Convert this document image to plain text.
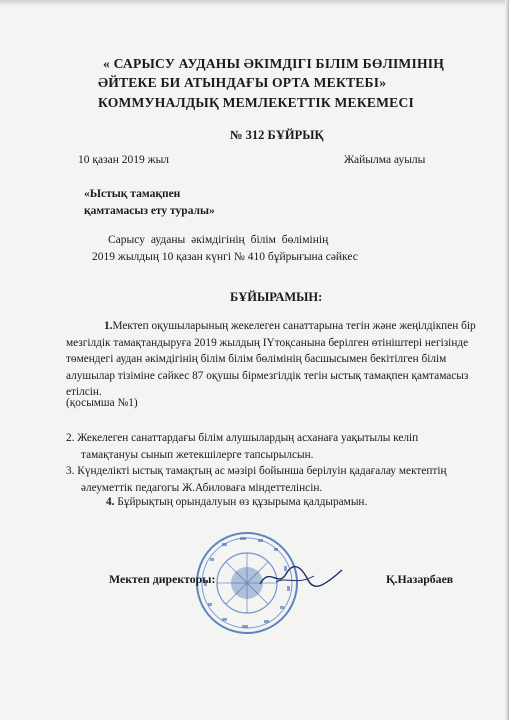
« САРЫСУ АУДАНЫ ӘКІМДІГІ БІЛІМ БӨЛІМІНІҢ
ӘЙТЕКЕ БИ АТЫНДАҒЫ ОРТА МЕКТЕБІ»
КОММУНАЛДЫҚ МЕМЛЕКЕТТІК МЕКЕМЕСІ
№ 312 БҰЙРЫҚ
10 қазан 2019 жыл	Жайылма ауылы
«Ыстық тамақпен
қамтамасыз ету туралы»
Сарысу ауданы әкімдігінің білім бөлімінің
2019 жылдың 10 қазан күнгі № 410 бұйрығына сәйкес
БҰЙЫРАМЫН:
1.Мектеп оқушыларының жекелеген санаттарына тегін және жеңілдікпен бір
мезгілдік тамақтандыруға 2019 жылдың ІҮтоқсанына берілген өтініштері негізінде
төмендегі аудан әкімдігінің білім білім бөлімінің басшысымен бекітілген білім
алушылар тізіміне сәйкес 87 оқушы бірмезгілдік тегін ыстық тамақпен қамтамасыз
етілсін.
(қосымша №1)
2. Жекелеген санаттардағы білім алушылардың асханаға уақытылы келіп
тамақтануы сынып жетекшілерге тапсырылсын.
3. Күнделікті ыстық тамақтың ас мәзірі бойынша берілуін қадағалау мектептің
әлеуметтік педагогы Ж.Абиловаға міндеттелінсін.
4. Бұйрықтың орындалуын өз құзырыма қалдырамын.
Мектеп директоры:	Қ.Назарбаев
